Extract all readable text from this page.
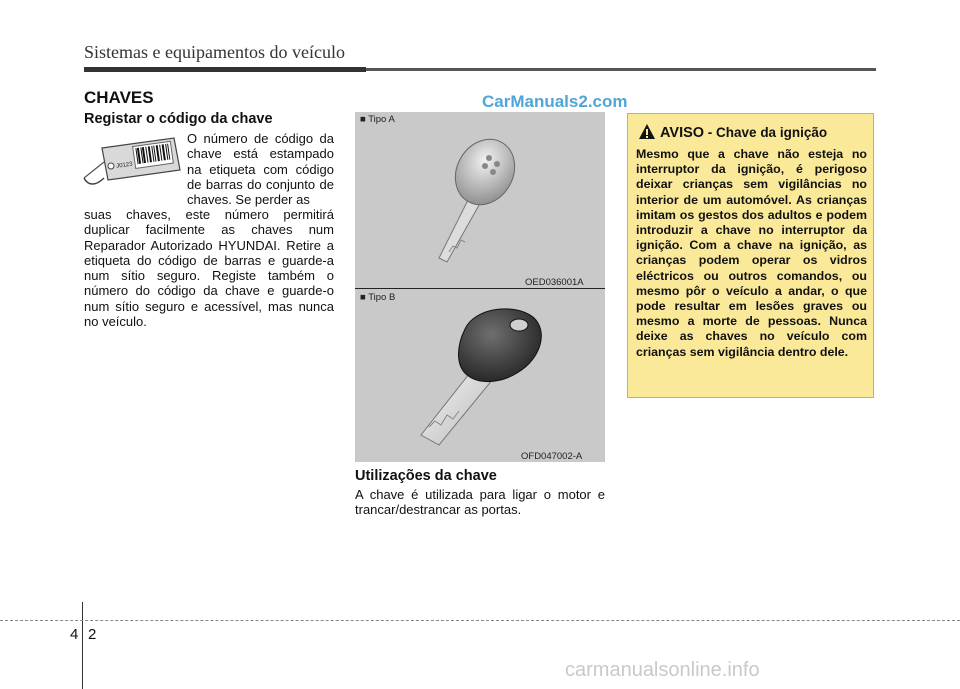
Sistemas e equipamentos do veículo
CHAVES	CarManuals2.com
Registar o código da chave
J0123
O número de código da chave está estampado na etiqueta com código de barras do conjunto de chaves. Se perder as
suas chaves, este número permitirá duplicar facilmente as chaves num Reparador Autorizado HYUNDAI. Retire a etiqueta do código de barras e guarde-a num sítio seguro. Registe também o número do código da chave e guarde-o num sítio seguro e acessível, mas nunca no veículo.
■ Tipo A
OED036001A
■ Tipo B
OFD047002-A
Utilizações da chave
A chave é utilizada para ligar o motor e trancar/destrancar as portas.
AVISO - Chave da ignição
Mesmo que a chave não esteja no interruptor da ignição, é perigoso deixar crianças sem vigilâncias no interior de um automóvel. As crianças imitam os gestos dos adultos e podem introduzir a chave no interruptor da ignição. Com a chave na ignição, as crianças podem operar os vidros eléctricos ou outros comandos, ou mesmo pôr o veículo a andar, o que pode resultar em lesões graves ou mesmo a morte de pessoas. Nunca deixe as chaves no veículo com crianças sem vigilância dentro dele.
4 2
carmanualsonline.info
